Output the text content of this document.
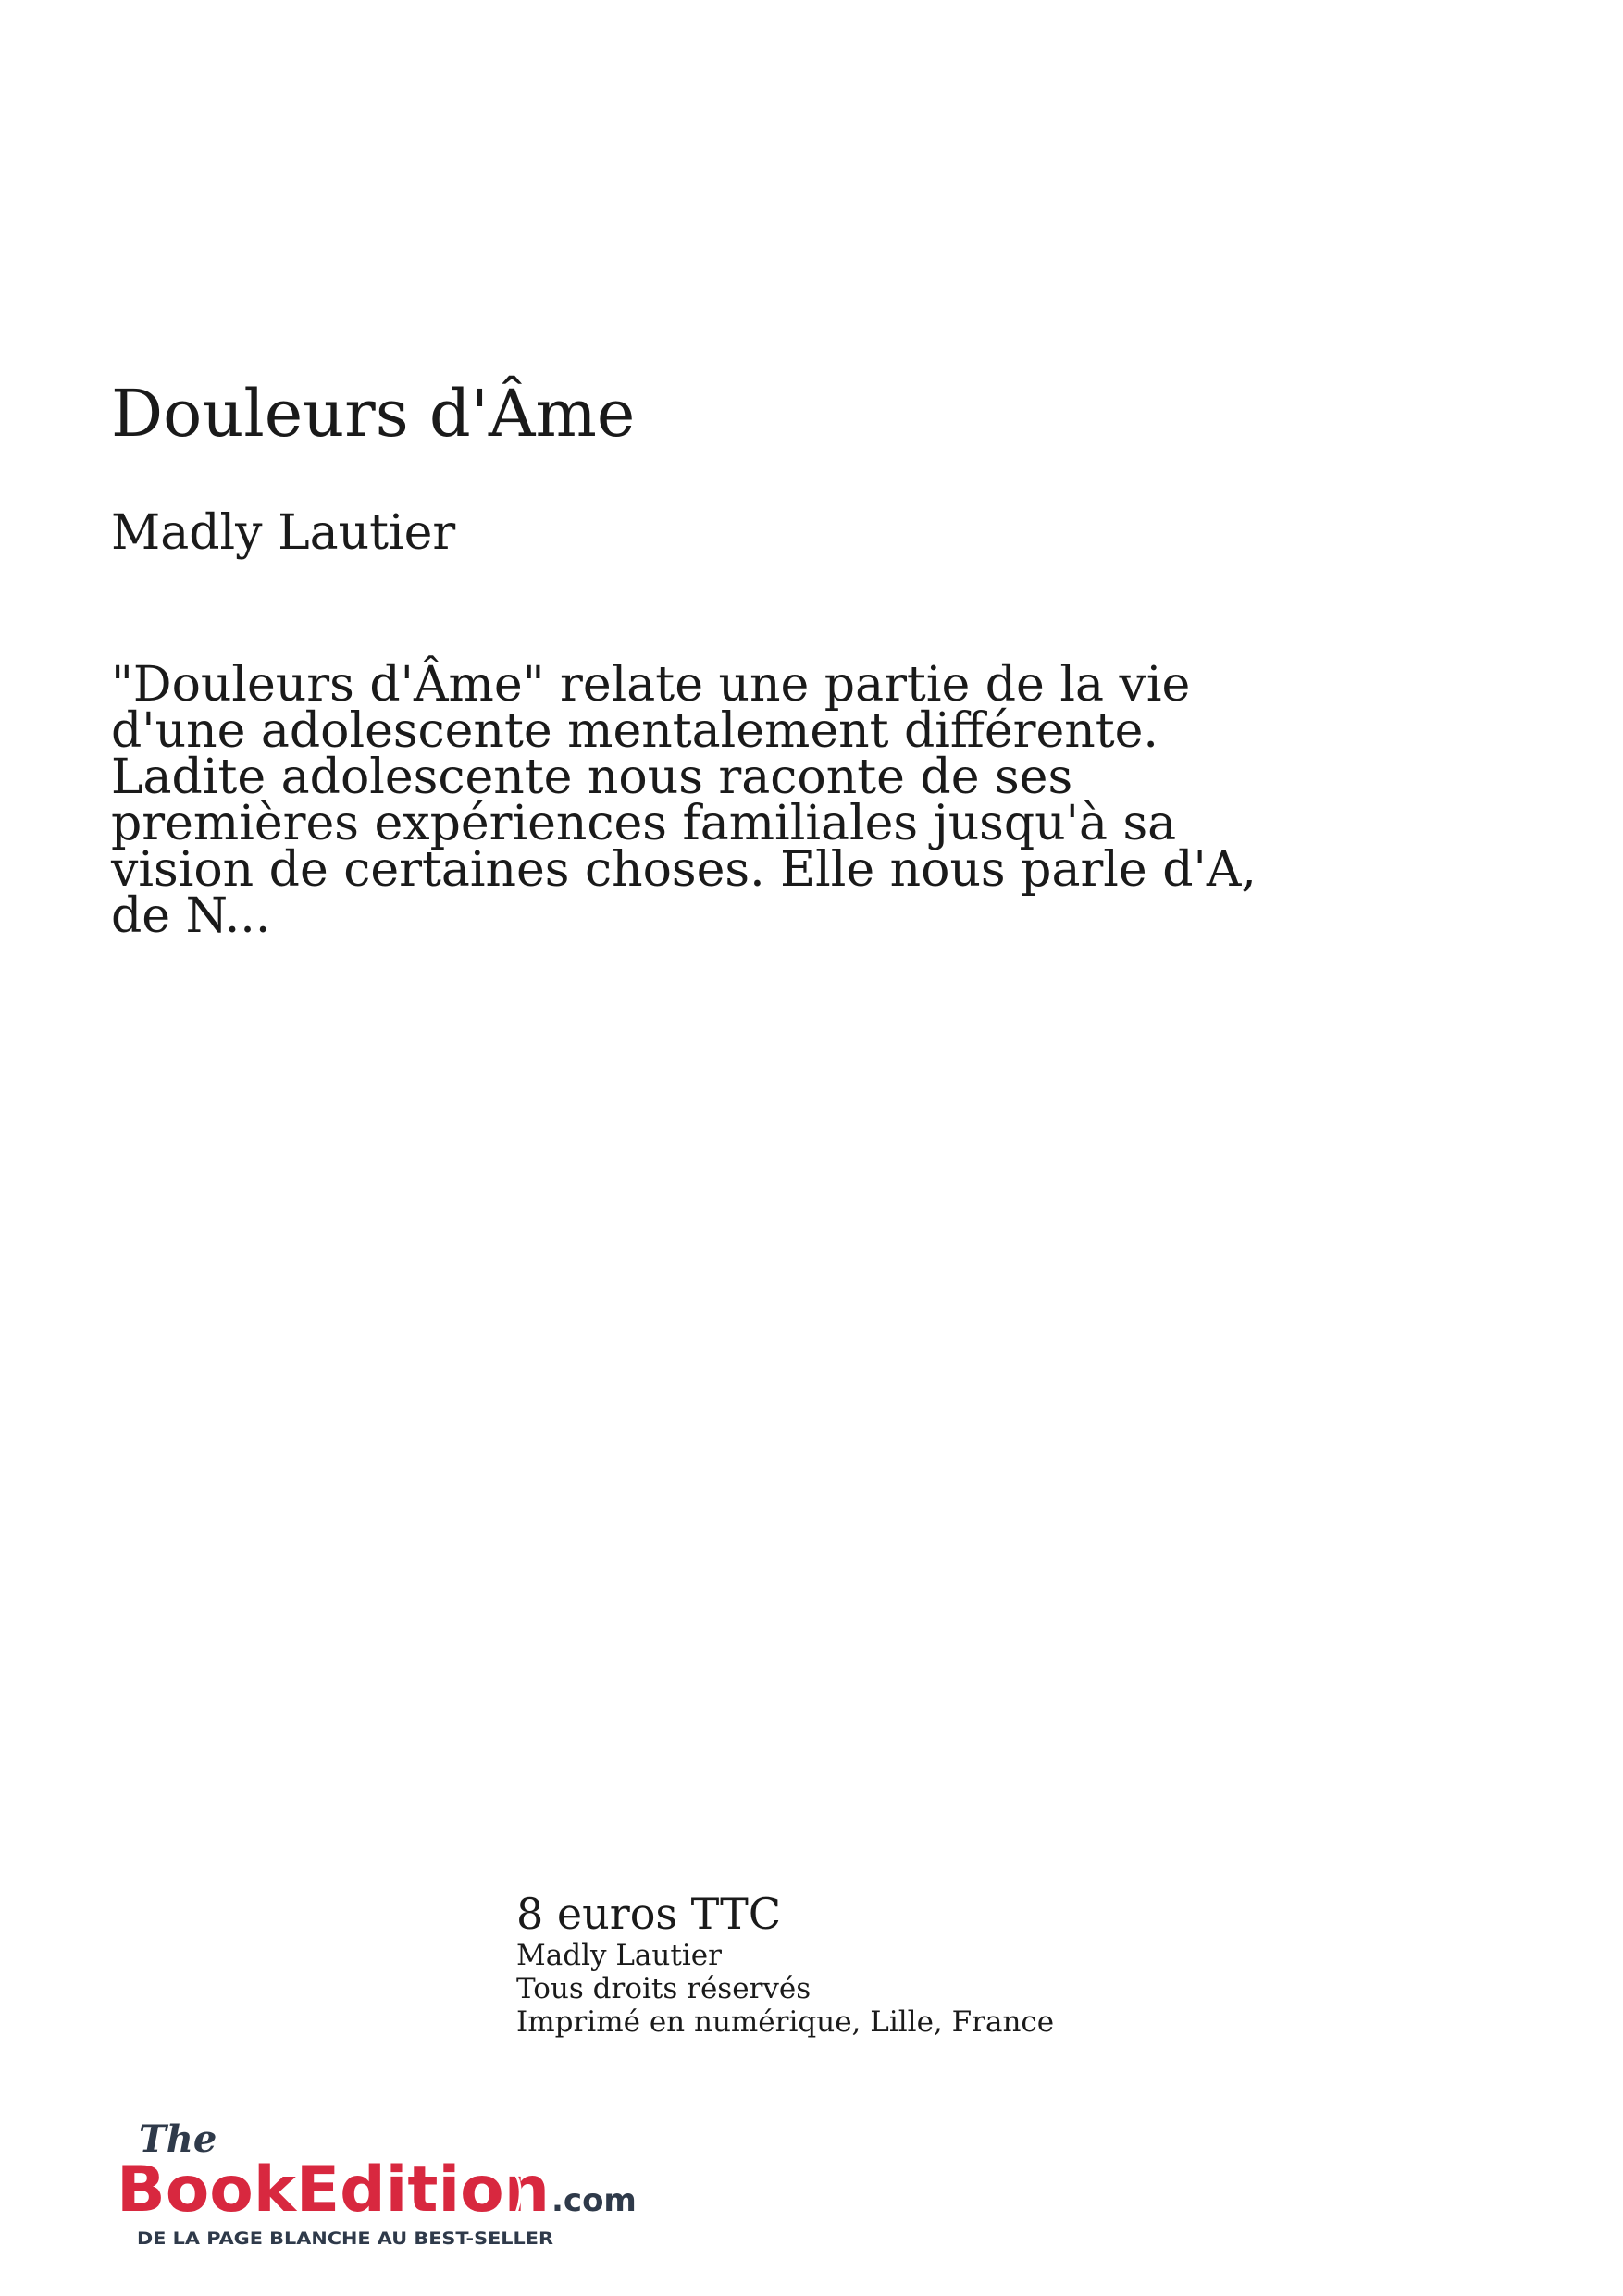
Douleurs d'Âme
Madly Lautier

"Douleurs d'Âme" relate une partie de la vie d'une adolescente mentalement différente. Ladite adolescente nous raconte de ses premières expériences familiales jusqu'à sa vision de certaines choses. Elle nous parle d'A, de N...

8 euros TTC

Madly Lautier

Tous droits réservés

Imprimé en numérique, Lille, France

The
BookEdition .com
DE LA PAGE BLANCHE AU BEST-SELLER
